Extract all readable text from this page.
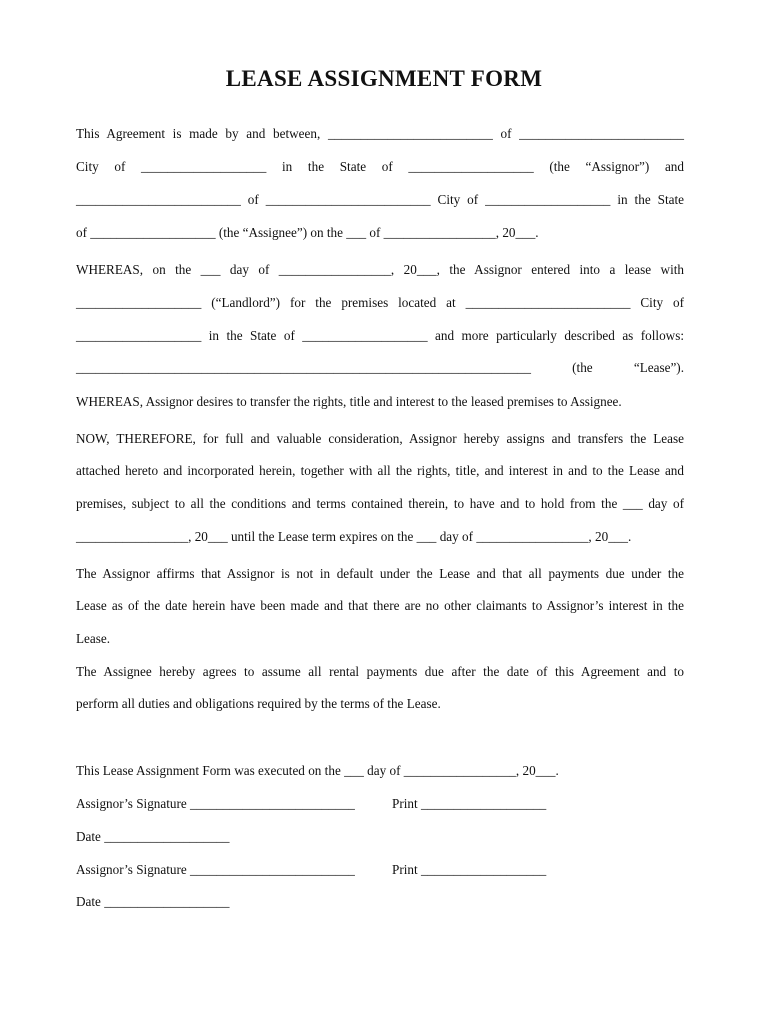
LEASE ASSIGNMENT FORM
This Agreement is made by and between, _________________________ of _________________________
City of ___________________ in the State of ___________________ (the “Assignor”) and
_________________________ of _________________________ City of ___________________ in the State
of ___________________ (the “Assignee”) on the ___ of _________________, 20___.
WHEREAS, on the ___ day of _________________, 20___, the Assignor entered into a lease with
___________________ (“Landlord”) for the premises located at _________________________ City of
___________________ in the State of ___________________ and more particularly described as follows:
_____________________________________________________________________ (the “Lease”).
WHEREAS, Assignor desires to transfer the rights, title and interest to the leased premises to Assignee.
NOW, THEREFORE, for full and valuable consideration, Assignor hereby assigns and transfers the Lease
attached hereto and incorporated herein, together with all the rights, title, and interest in and to the Lease and
premises, subject to all the conditions and terms contained therein, to have and to hold from the ___ day of
_________________, 20___ until the Lease term expires on the ___ day of _________________, 20___.
The Assignor affirms that Assignor is not in default under the Lease and that all payments due under the
Lease as of the date herein have been made and that there are no other claimants to Assignor’s interest in the
Lease.
The Assignee hereby agrees to assume all rental payments due after the date of this Agreement and to
perform all duties and obligations required by the terms of the Lease.
This Lease Assignment Form was executed on the ___ day of _________________, 20___.
Assignor’s Signature _________________________	Print ___________________
Date ___________________
Assignor’s Signature _________________________	Print ___________________
Date ___________________
